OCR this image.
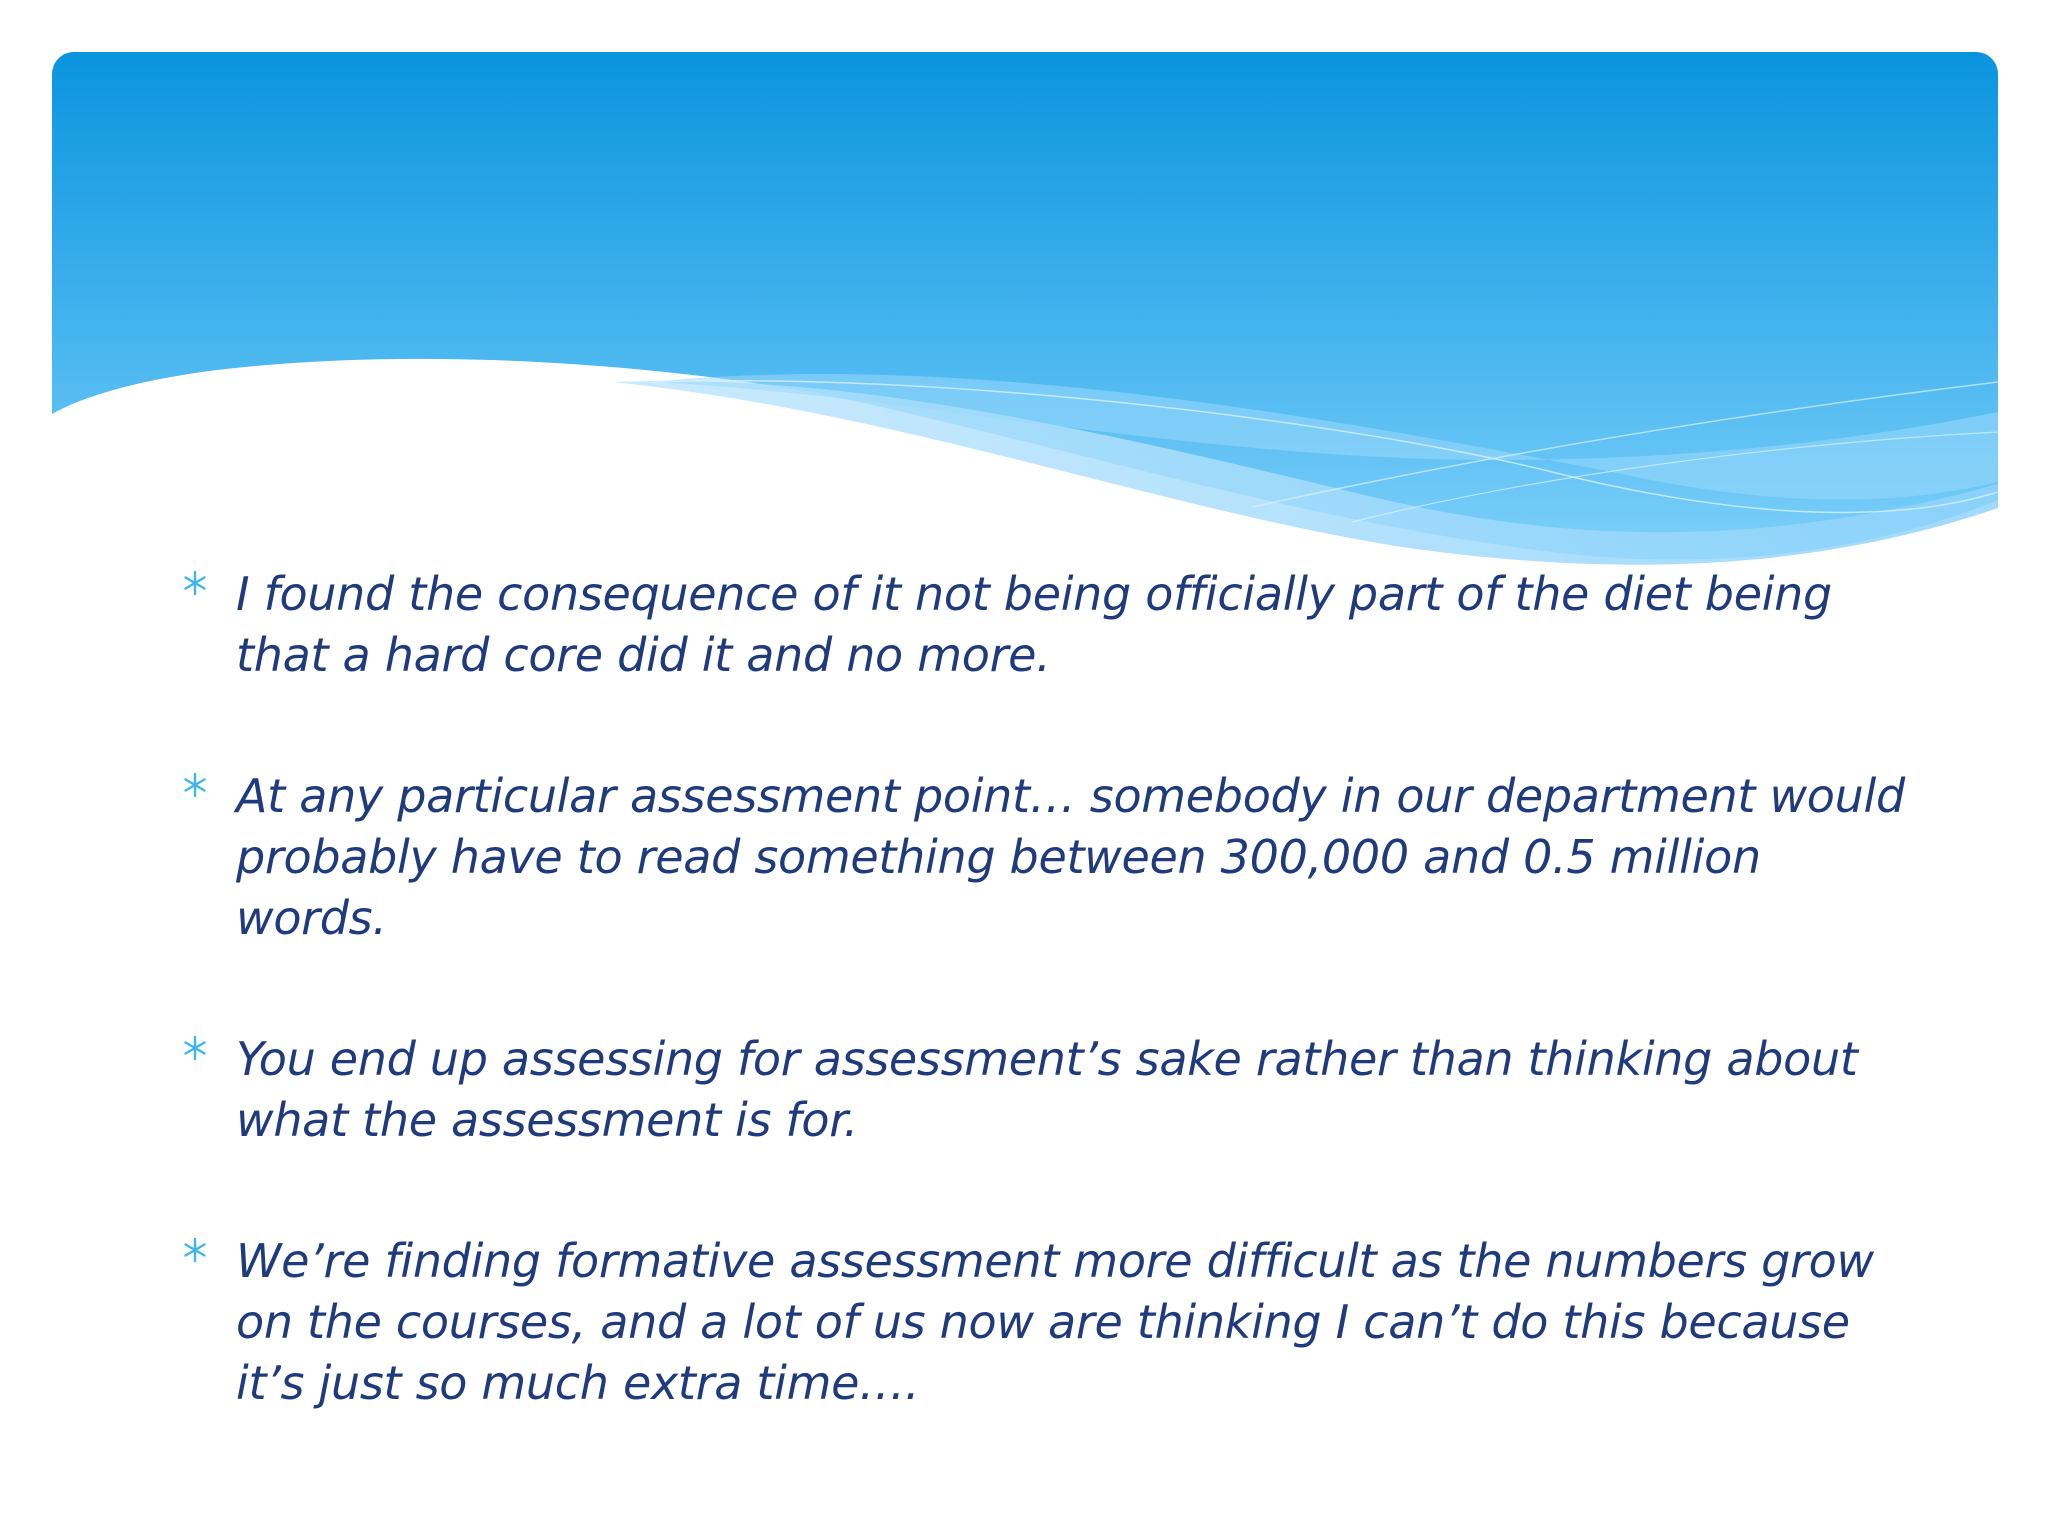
I found the consequence of it not being officially part of the diet being that a hard core did it and no more.
At any particular assessment point… somebody in our department would probably have to read something between 300,000 and 0.5 million words.
You end up assessing for assessment’s sake rather than thinking about what the assessment is for.
We’re finding formative assessment more difficult as the numbers grow on the courses, and a lot of us now are thinking I can’t do this because it’s just so much extra time….
